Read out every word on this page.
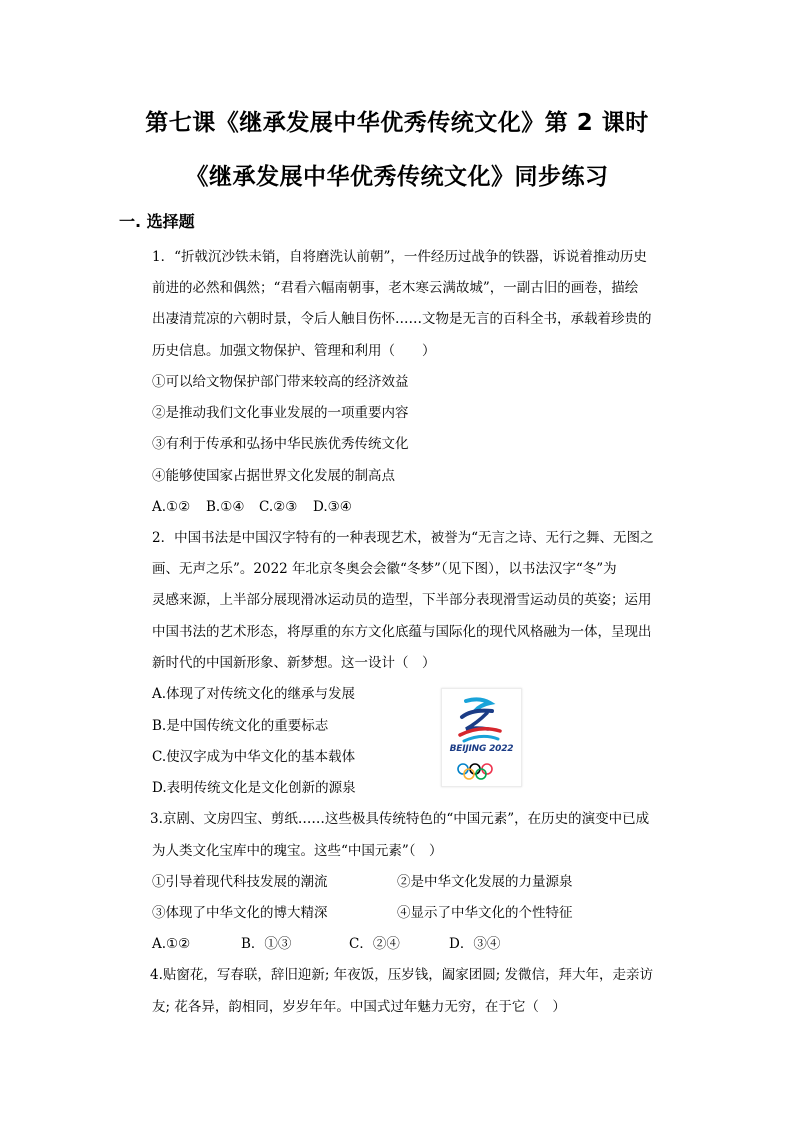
第七课《继承发展中华优秀传统文化》第 2 课时
《继承发展中华优秀传统文化》同步练习
一. 选择题
1．“折戟沉沙铁未销，自将磨洗认前朝”，一件经历过战争的铁器，诉说着推动历史
前进的必然和偶然；“君看六幅南朝事，老木寒云满故城”，一副古旧的画卷，描绘
出凄清荒凉的六朝时景，令后人触目伤怀……文物是无言的百科全书，承载着珍贵的
历史信息。加强文物保护、管理和利用（　　）
①可以给文物保护部门带来较高的经济效益
②是推动我们文化事业发展的一项重要内容
③有利于传承和弘扬中华民族优秀传统文化
④能够使国家占据世界文化发展的制高点
A.①② B.①④ C.②③ D.③④
2．中国书法是中国汉字特有的一种表现艺术，被誉为“无言之诗、无行之舞、无图之
画、无声之乐”。2022 年北京冬奥会会徽“冬梦”（见下图），以书法汉字“冬”为
灵感来源，上半部分展现滑冰运动员的造型，下半部分表现滑雪运动员的英姿；运用
中国书法的艺术形态，将厚重的东方文化底蕴与国际化的现代风格融为一体，呈现出
新时代的中国新形象、新梦想。这一设计（　）
A.体现了对传统文化的继承与发展
B.是中国传统文化的重要标志
C.使汉字成为中华文化的基本载体
D.表明传统文化是文化创新的源泉
BEIJING 2022
3.京剧、文房四宝、剪纸……这些极具传统特色的“中国元素”，在历史的演变中已成
为人类文化宝库中的瑰宝。这些“中国元素”（　）
①引导着现代科技发展的潮流	②是中华文化发展的力量源泉
③体现了中华文化的博大精深	④显示了中华文化的个性特征
A.①②	B．①③	C．②④	D．③④
4.贴窗花，写春联，辞旧迎新; 年夜饭，压岁钱，阖家团圆; 发微信，拜大年，走亲访
友; 花各异，韵相同，岁岁年年。中国式过年魅力无穷，在于它（　）
